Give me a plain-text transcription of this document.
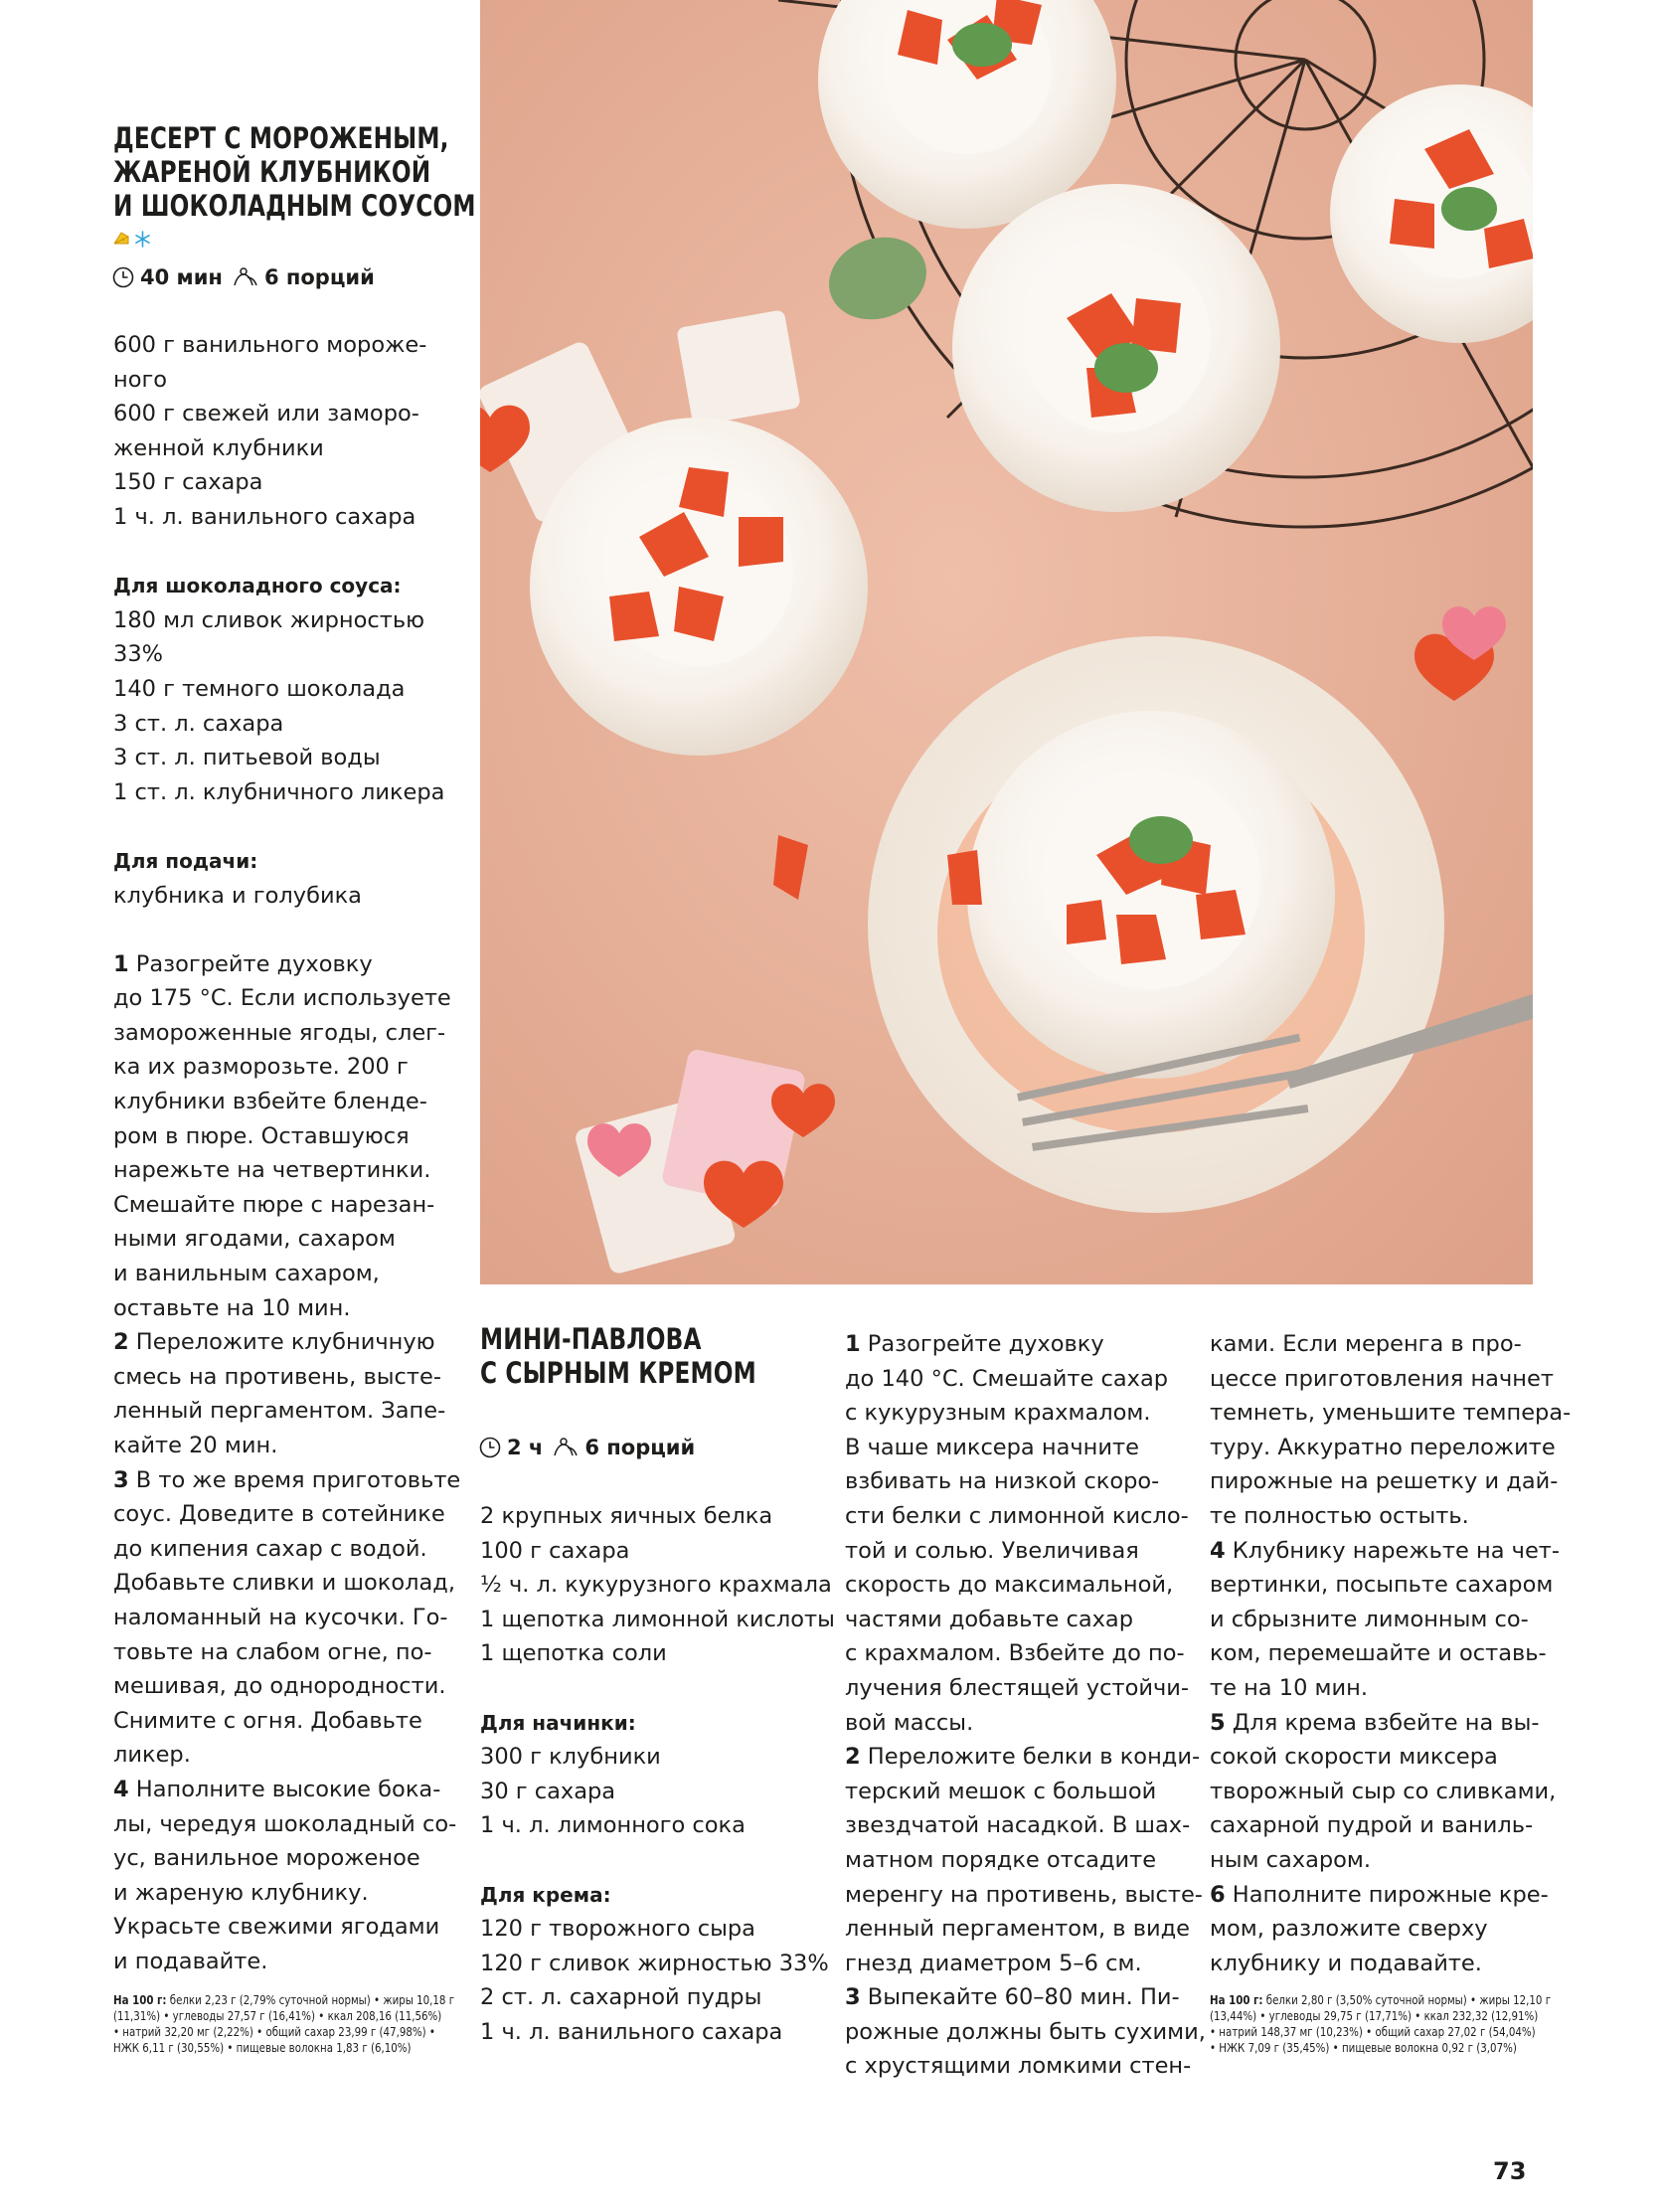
ДЕСЕРТ С МОРОЖЕНЫМ,
ЖАРЕНОЙ КЛУБНИКОЙ
И ШОКОЛАДНЫМ СОУСОМ
40 мин 6 порций
600 г ванильного мороже-
ного
600 г свежей или заморо-
женной клубники
150 г сахара
1 ч. л. ванильного сахара
Для шоколадного соуса:
180 мл сливок жирностью
33%
140 г темного шоколада
3 ст. л. сахара
3 ст. л. питьевой воды
1 ст. л. клубничного ликера
Для подачи:
клубника и голубика
1 Разогрейте духовку
до 175 °С. Если используете
замороженные ягоды, слег-
ка их разморозьте. 200 г
клубники взбейте блендe-
ром в пюре. Оставшуюся
нарежьте на четвертинки.
Смешайте пюре с нарезан-
ными ягодами, сахаром
и ванильным сахаром,
оставьте на 10 мин.
2 Переложите клубничную
смесь на противень, высте-
ленный пергаментом. Запе-
кайте 20 мин.
3 В то же время приготовьте
соус. Доведите в сотейнике
до кипения сахар с водой.
Добавьте сливки и шоколад,
наломанный на кусочки. Го-
товьте на слабом огне, по-
мешивая, до однородности.
Снимите с огня. Добавьте
ликер.
4 Наполните высокие бока-
лы, чередуя шоколадный со-
ус, ванильное мороженое
и жареную клубнику.
Украсьте свежими ягодами
и подавайте.
На 100 г: белки 2,23 г (2,79% суточной нормы) • жиры 10,18 г
(11,31%) • углеводы 27,57 г (16,41%) • ккал 208,16 (11,56%)
• натрий 32,20 мг (2,22%) • общий сахар 23,99 г (47,98%) •
НЖК 6,11 г (30,55%) • пищевые волокна 1,83 г (6,10%)
МИНИ-ПАВЛОВА
С СЫРНЫМ КРЕМОМ
2 ч 6 порций
2 крупных яичных белка
100 г сахара
½ ч. л. кукурузного крахмала
1 щепотка лимонной кислоты
1 щепотка соли
Для начинки:
300 г клубники
30 г сахара
1 ч. л. лимонного сока
Для крема:
120 г творожного сыра
120 г сливок жирностью 33%
2 ст. л. сахарной пудры
1 ч. л. ванильного сахара
1 Разогрейте духовку
до 140 °С. Смешайте сахар
с кукурузным крахмалом.
В чаше миксера начните
взбивать на низкой скоро-
сти белки с лимонной кисло-
той и солью. Увеличивая
скорость до максимальной,
частями добавьте сахар
с крахмалом. Взбейте до по-
лучения блестящей устойчи-
вой массы.
2 Переложите белки в конди-
терский мешок с большой
звездчатой насадкой. В шах-
матном порядке отсадите
меренгу на противень, высте-
ленный пергаментом, в виде
гнезд диаметром 5–6 см.
3 Выпекайте 60–80 мин. Пи-
рожные должны быть сухими,
с хрустящими ломкими стен-
ками. Если меренга в про-
цессе приготовления начнет
темнеть, уменьшите темпера-
туру. Аккуратно переложите
пирожные на решетку и дай-
те полностью остыть.
4 Клубнику нарежьте на чет-
вертинки, посыпьте сахаром
и сбрызните лимонным со-
ком, перемешайте и оставь-
те на 10 мин.
5 Для крема взбейте на вы-
сокой скорости миксера
творожный сыр со сливками,
сахарной пудрой и ваниль-
ным сахаром.
6 Наполните пирожные кре-
мом, разложите сверху
клубнику и подавайте.
На 100 г: белки 2,80 г (3,50% суточной нормы) • жиры 12,10 г
(13,44%) • углеводы 29,75 г (17,71%) • ккал 232,32 (12,91%)
• натрий 148,37 мг (10,23%) • общий сахар 27,02 г (54,04%)
• НЖК 7,09 г (35,45%) • пищевые волокна 0,92 г (3,07%)
73
